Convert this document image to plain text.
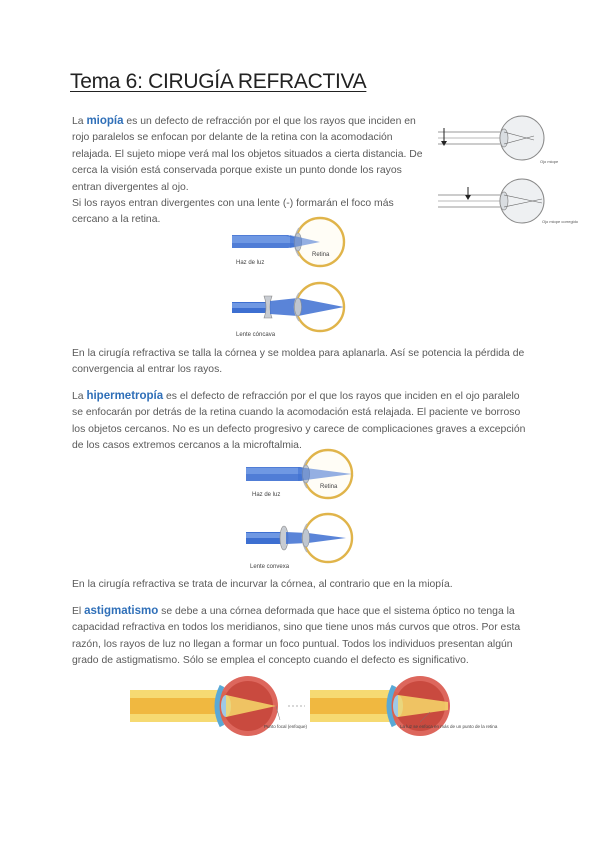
Tema 6: CIRUGÍA REFRACTIVA
La miopía es un defecto de refracción por el que los rayos que inciden en rojo paralelos se enfocan por delante de la retina con la acomodación relajada. El sujeto miope verá mal los objetos situados a cierta distancia. De cerca la visión está conservada porque existe un punto donde los rayos entran divergentes al ojo.
Si los rayos entran divergentes con una lente (-) formarán el foco más cercano a la retina.
Ojo miope
Ojo miope corregido
Haz de luz
Retina
Lente cóncava
En la cirugía refractiva se talla la córnea y se moldea para aplanarla. Así se potencia la pérdida de convergencia al entrar los rayos.
La hipermetropía es el defecto de refracción por el que los rayos que inciden en el ojo paralelo se enfocarán por detrás de la retina cuando la acomodación está relajada. El paciente ve borroso los objetos cercanos. No es un defecto progresivo y carece de complicaciones graves a excepción de los casos extremos cercanos a la microftalmia.
Haz de luz
Retina
Lente convexa
En la cirugía refractiva se trata de incurvar la córnea, al contrario que en la miopía.
El astigmatismo se debe a una córnea deformada que hace que el sistema óptico no tenga la capacidad refractiva en todos los meridianos, sino que tiene unos más curvos que otros. Por esta razón, los rayos de luz no llegan a formar un foco puntual. Todos los individuos presentan algún grado de astigmatismo. Sólo se emplea el concepto cuando el defecto es significativo.
Punto focal (enfoque)	La luz se enfoca en más de un punto de la retina
